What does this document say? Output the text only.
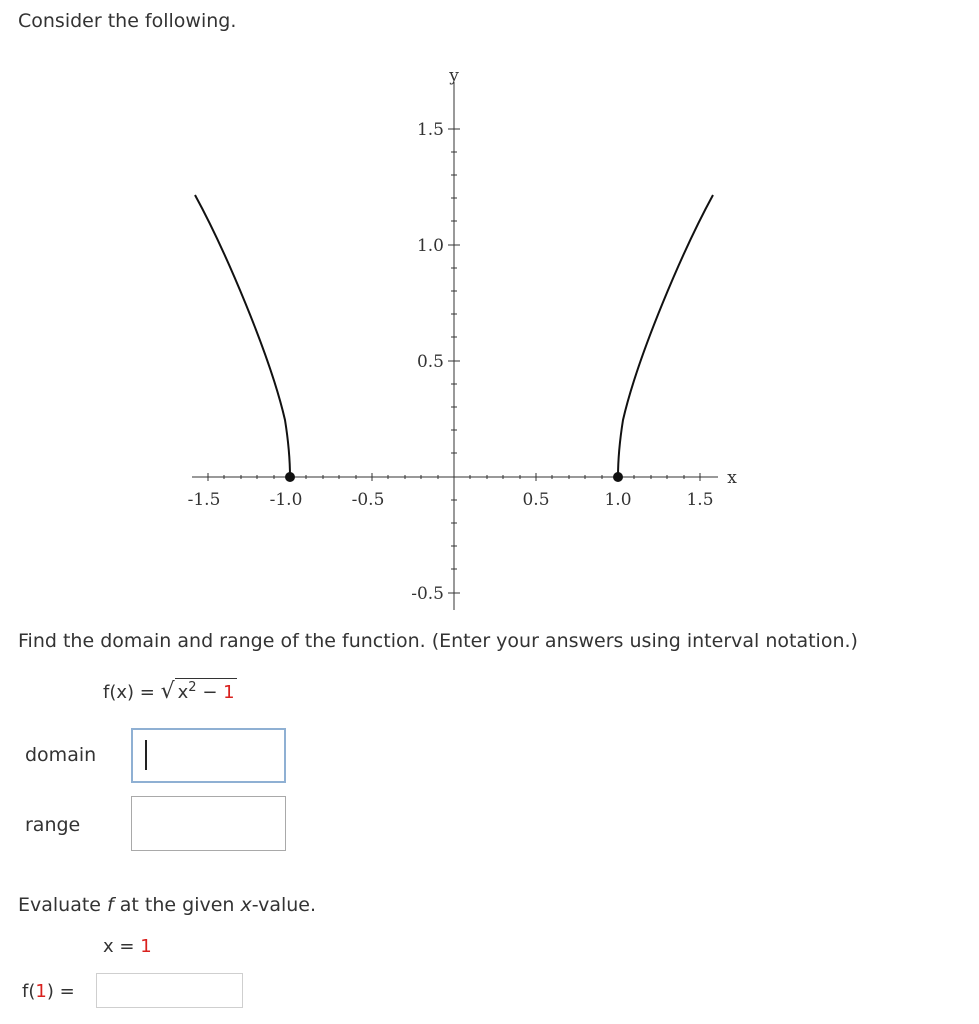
Consider the following.
y
x
1.5
1.0
0.5
-0.5
-1.5	-1.0	-0.5	0.5	1.0	1.5
Find the domain and range of the function. (Enter your answers using interval notation.)
f(x) = √ $x^2 - 1$
domain
range
Evaluate f at the given x-value.
x = 1
f(1) =
